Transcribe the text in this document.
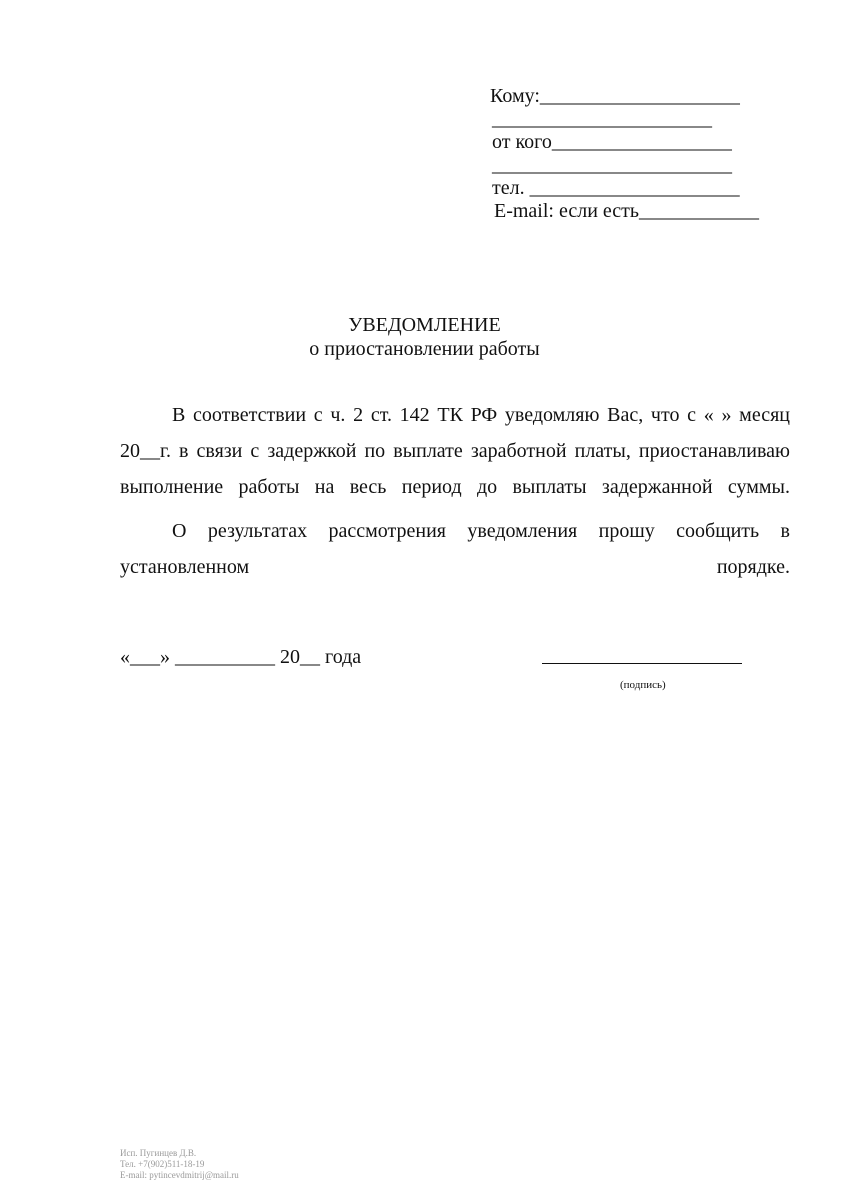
Кому:____________________
______________________
от кого__________________
________________________
тел. _____________________
E-mail: если есть____________
УВЕДОМЛЕНИЕ
о приостановлении работы
В соответствии с ч. 2 ст. 142 ТК РФ уведомляю Вас, что с « » месяц 20__г. в связи с задержкой по выплате заработной платы, приостанавливаю выполнение работы на весь период до выплаты задержанной суммы.
О результатах рассмотрения уведомления прошу сообщить в установленном порядке.
«___» __________ 20__ года
(подпись)
Исп. Пугинцев Д.В.
Тел. +7(902)511-18-19
E-mail: pytincevdmitrij@mail.ru
